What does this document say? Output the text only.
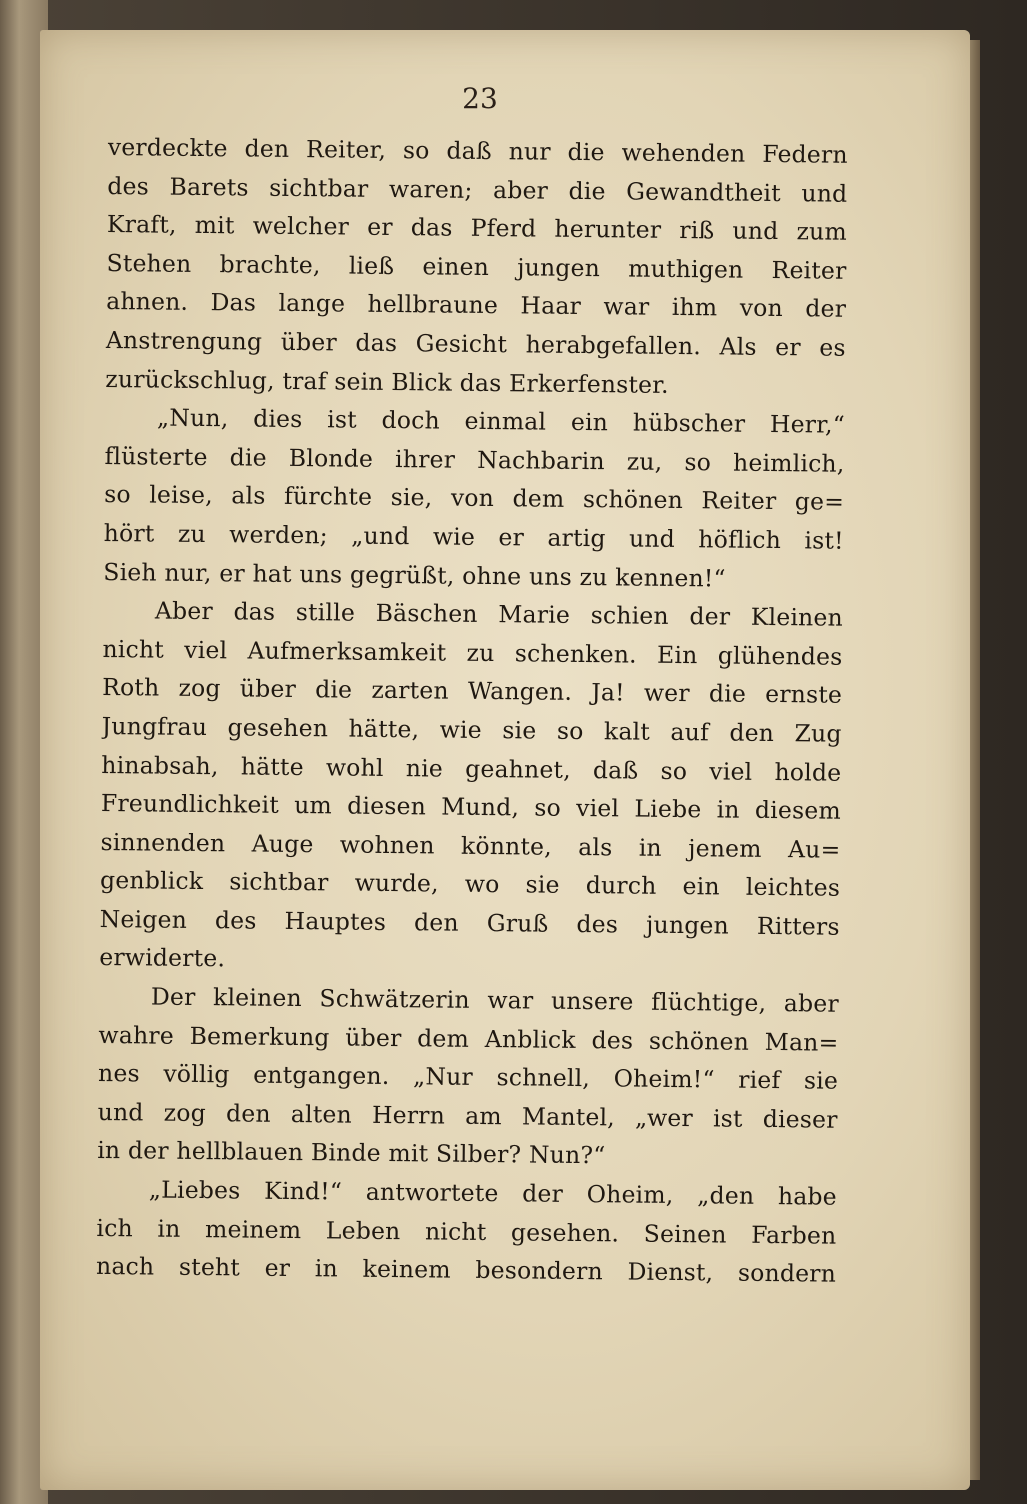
23
verdeckte den Reiter, so daß nur die wehenden Federn
des Barets sichtbar waren; aber die Gewandtheit und
Kraft, mit welcher er das Pferd herunter riß und zum
Stehen brachte, ließ einen jungen muthigen Reiter
ahnen. Das lange hellbraune Haar war ihm von der
Anstrengung über das Gesicht herabgefallen. Als er es
zurückschlug, traf sein Blick das Erkerfenster.
„Nun, dies ist doch einmal ein hübscher Herr,“
flüsterte die Blonde ihrer Nachbarin zu, so heimlich,
so leise, als fürchte sie, von dem schönen Reiter ge=
hört zu werden; „und wie er artig und höflich ist!
Sieh nur, er hat uns gegrüßt, ohne uns zu kennen!“
Aber das stille Bäschen Marie schien der Kleinen
nicht viel Aufmerksamkeit zu schenken. Ein glühendes
Roth zog über die zarten Wangen. Ja! wer die ernste
Jungfrau gesehen hätte, wie sie so kalt auf den Zug
hinabsah, hätte wohl nie geahnet, daß so viel holde
Freundlichkeit um diesen Mund, so viel Liebe in diesem
sinnenden Auge wohnen könnte, als in jenem Au=
genblick sichtbar wurde, wo sie durch ein leichtes
Neigen des Hauptes den Gruß des jungen Ritters
erwiderte.
Der kleinen Schwätzerin war unsere flüchtige, aber
wahre Bemerkung über dem Anblick des schönen Man=
nes völlig entgangen. „Nur schnell, Oheim!“ rief sie
und zog den alten Herrn am Mantel, „wer ist dieser
in der hellblauen Binde mit Silber? Nun?“
„Liebes Kind!“ antwortete der Oheim, „den habe
ich in meinem Leben nicht gesehen. Seinen Farben
nach steht er in keinem besondern Dienst, sondern
